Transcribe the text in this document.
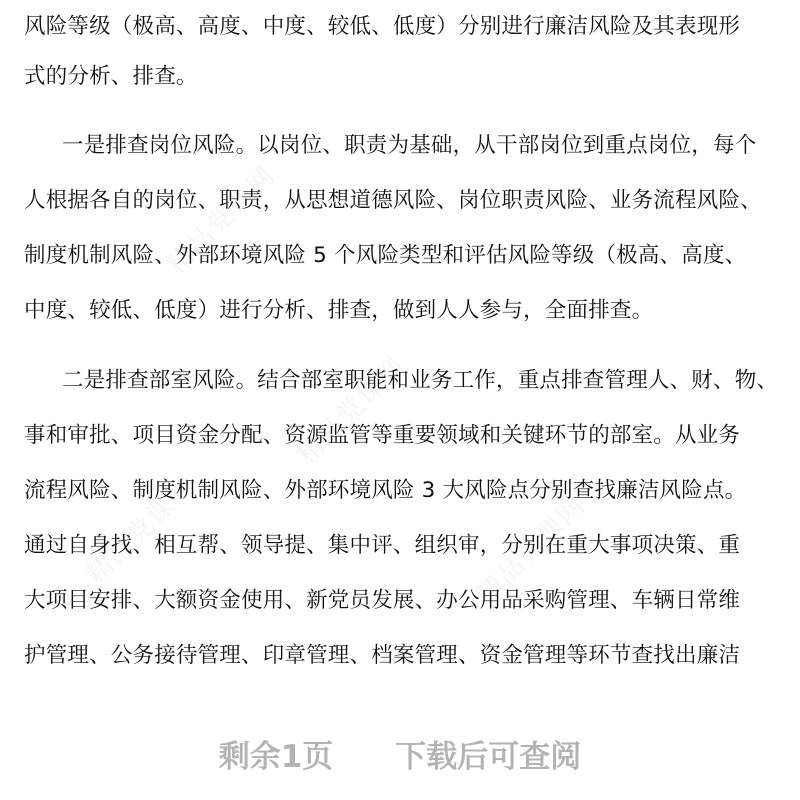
风险等级（极高、高度、中度、较低、低度）分别进行廉洁风险及其表现形
式的分析、排查。
一是排查岗位风险。以岗位、职责为基础，从干部岗位到重点岗位，每个
人根据各自的岗位、职责，从思想道德风险、岗位职责风险、业务流程风险、
制度机制风险、外部环境风险 5 个风险类型和评估风险等级（极高、高度、
中度、较低、低度）进行分析、排查，做到人人参与，全面排查。
二是排查部室风险。结合部室职能和业务工作，重点排查管理人、财、物、
事和审批、项目资金分配、资源监管等重要领域和关键环节的部室。从业务
流程风险、制度机制风险、外部环境风险 3 大风险点分别查找廉洁风险点。
通过自身找、相互帮、领导提、集中评、组织审，分别在重大事项决策、重
大项目安排、大额资金使用、新党员发展、办公用品采购管理、车辆日常维
护管理、公务接待管理、印章管理、档案管理、资金管理等环节查找出廉洁
剩余1页 下载后可查阅
